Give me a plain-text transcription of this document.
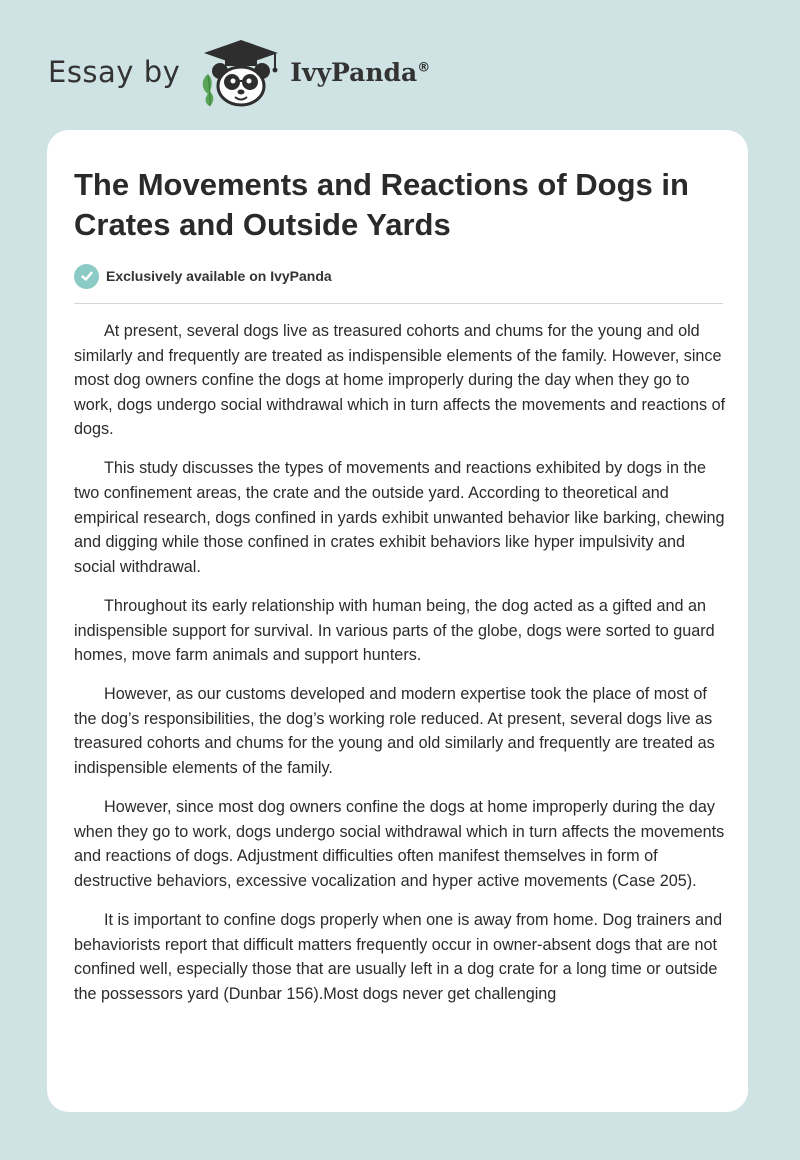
Essay by	IvyPanda®
The Movements and Reactions of Dogs in Crates and Outside Yards
Exclusively available on IvyPanda

At present, several dogs live as treasured cohorts and chums for the young and old similarly and frequently are treated as indispensible elements of the family. However, since most dog owners confine the dogs at home improperly during the day when they go to work, dogs undergo social withdrawal which in turn affects the movements and reactions of dogs.

This study discusses the types of movements and reactions exhibited by dogs in the two confinement areas, the crate and the outside yard. According to theoretical and empirical research, dogs confined in yards exhibit unwanted behavior like barking, chewing and digging while those confined in crates exhibit behaviors like hyper impulsivity and social withdrawal.

Throughout its early relationship with human being, the dog acted as a gifted and an indispensible support for survival. In various parts of the globe, dogs were sorted to guard homes, move farm animals and support hunters.

However, as our customs developed and modern expertise took the place of most of the dog’s responsibilities, the dog’s working role reduced. At present, several dogs live as treasured cohorts and chums for the young and old similarly and frequently are treated as indispensible elements of the family.

However, since most dog owners confine the dogs at home improperly during the day when they go to work, dogs undergo social withdrawal which in turn affects the movements and reactions of dogs. Adjustment difficulties often manifest themselves in form of destructive behaviors, excessive vocalization and hyper active movements (Case 205).

It is important to confine dogs properly when one is away from home. Dog trainers and behaviorists report that difficult matters frequently occur in owner-absent dogs that are not confined well, especially those that are usually left in a dog crate for a long time or outside the possessors yard (Dunbar 156).Most dogs never get challenging
